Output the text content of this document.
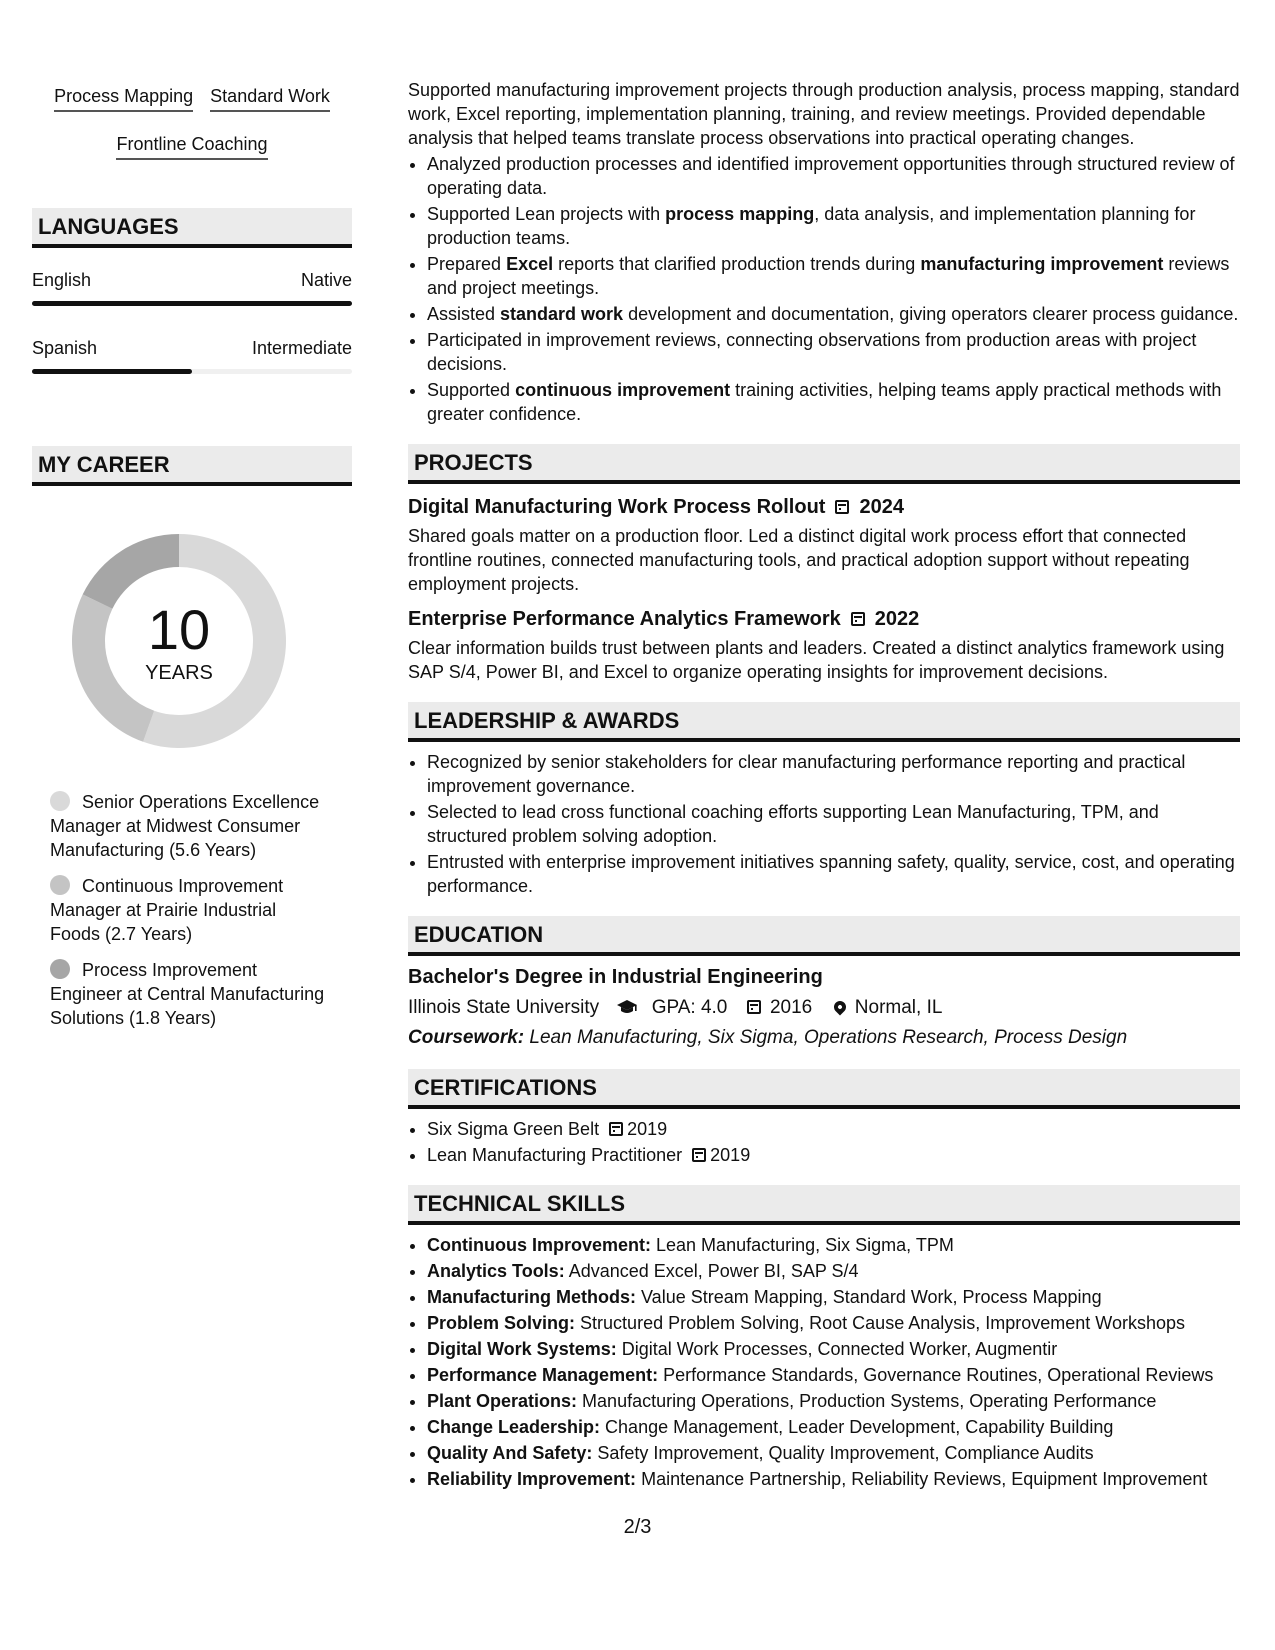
Process Mapping Standard Work
Frontline Coaching
LANGUAGES
English	Native
Spanish	Intermediate
MY CAREER
10
YEARS
Senior Operations Excellence Manager at Midwest Consumer Manufacturing (5.6 Years)
Continuous Improvement Manager at Prairie Industrial Foods (2.7 Years)
Process Improvement Engineer at Central Manufacturing Solutions (1.8 Years)
Supported manufacturing improvement projects through production analysis, process mapping, standard work, Excel reporting, implementation planning, training, and review meetings. Provided dependable analysis that helped teams translate process observations into practical operating changes.
• Analyzed production processes and identified improvement opportunities through structured review of operating data.
• Supported Lean projects with process mapping, data analysis, and implementation planning for production teams.
• Prepared Excel reports that clarified production trends during manufacturing improvement reviews and project meetings.
• Assisted standard work development and documentation, giving operators clearer process guidance.
• Participated in improvement reviews, connecting observations from production areas with project decisions.
• Supported continuous improvement training activities, helping teams apply practical methods with greater confidence.
PROJECTS
Digital Manufacturing Work Process Rollout 2024
Shared goals matter on a production floor. Led a distinct digital work process effort that connected frontline routines, connected manufacturing tools, and practical adoption support without repeating employment projects.
Enterprise Performance Analytics Framework 2022
Clear information builds trust between plants and leaders. Created a distinct analytics framework using SAP S/4, Power BI, and Excel to organize operating insights for improvement decisions.
LEADERSHIP & AWARDS
• Recognized by senior stakeholders for clear manufacturing performance reporting and practical improvement governance.
• Selected to lead cross functional coaching efforts supporting Lean Manufacturing, TPM, and structured problem solving adoption.
• Entrusted with enterprise improvement initiatives spanning safety, quality, service, cost, and operating performance.
EDUCATION
Bachelor's Degree in Industrial Engineering
Illinois State University	GPA: 4.0 2016 Normal, IL
Coursework: Lean Manufacturing, Six Sigma, Operations Research, Process Design
CERTIFICATIONS
• Six Sigma Green Belt 2019
• Lean Manufacturing Practitioner 2019
TECHNICAL SKILLS
• Continuous Improvement: Lean Manufacturing, Six Sigma, TPM
• Analytics Tools: Advanced Excel, Power BI, SAP S/4
• Manufacturing Methods: Value Stream Mapping, Standard Work, Process Mapping
• Problem Solving: Structured Problem Solving, Root Cause Analysis, Improvement Workshops
• Digital Work Systems: Digital Work Processes, Connected Worker, Augmentir
• Performance Management: Performance Standards, Governance Routines, Operational Reviews
• Plant Operations: Manufacturing Operations, Production Systems, Operating Performance
• Change Leadership: Change Management, Leader Development, Capability Building
• Quality And Safety: Safety Improvement, Quality Improvement, Compliance Audits
• Reliability Improvement: Maintenance Partnership, Reliability Reviews, Equipment Improvement
2/3
